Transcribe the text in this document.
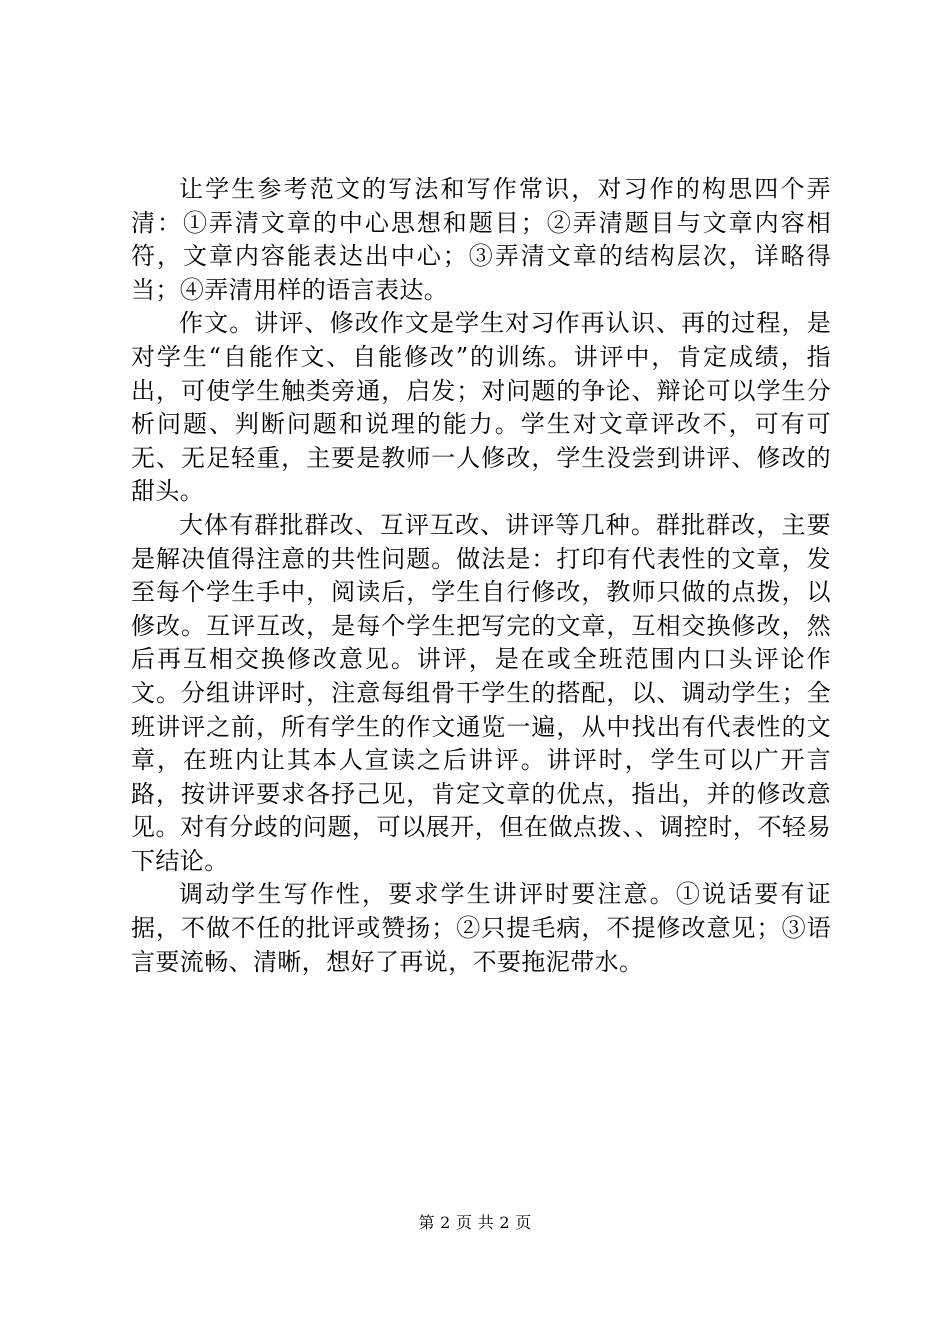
让学生参考范文的写法和写作常识，对习作的构思四个弄清：①弄清文章的中心思想和题目；②弄清题目与文章内容相符，文章内容能表达出中心；③弄清文章的结构层次，详略得当；④弄清用样的语言表达。

作文。讲评、修改作文是学生对习作再认识、再的过程，是对学生“自能作文、自能修改”的训练。讲评中，肯定成绩，指出，可使学生触类旁通，启发；对问题的争论、辩论可以学生分析问题、判断问题和说理的能力。学生对文章评改不，可有可无、无足轻重，主要是教师一人修改，学生没尝到讲评、修改的甜头。

大体有群批群改、互评互改、讲评等几种。群批群改，主要是解决值得注意的共性问题。做法是：打印有代表性的文章，发至每个学生手中，阅读后，学生自行修改，教师只做的点拨，以修改。互评互改，是每个学生把写完的文章，互相交换修改，然后再互相交换修改意见。讲评，是在或全班范围内口头评论作文。分组讲评时，注意每组骨干学生的搭配，以、调动学生；全班讲评之前，所有学生的作文通览一遍，从中找出有代表性的文章，在班内让其本人宣读之后讲评。讲评时，学生可以广开言路，按讲评要求各抒己见，肯定文章的优点，指出，并的修改意见。对有分歧的问题，可以展开，但在做点拨、、调控时，不轻易下结论。

调动学生写作性，要求学生讲评时要注意。①说话要有证据，不做不任的批评或赞扬；②只提毛病，不提修改意见；③语言要流畅、清晰，想好了再说，不要拖泥带水。

第 2 页 共 2 页
